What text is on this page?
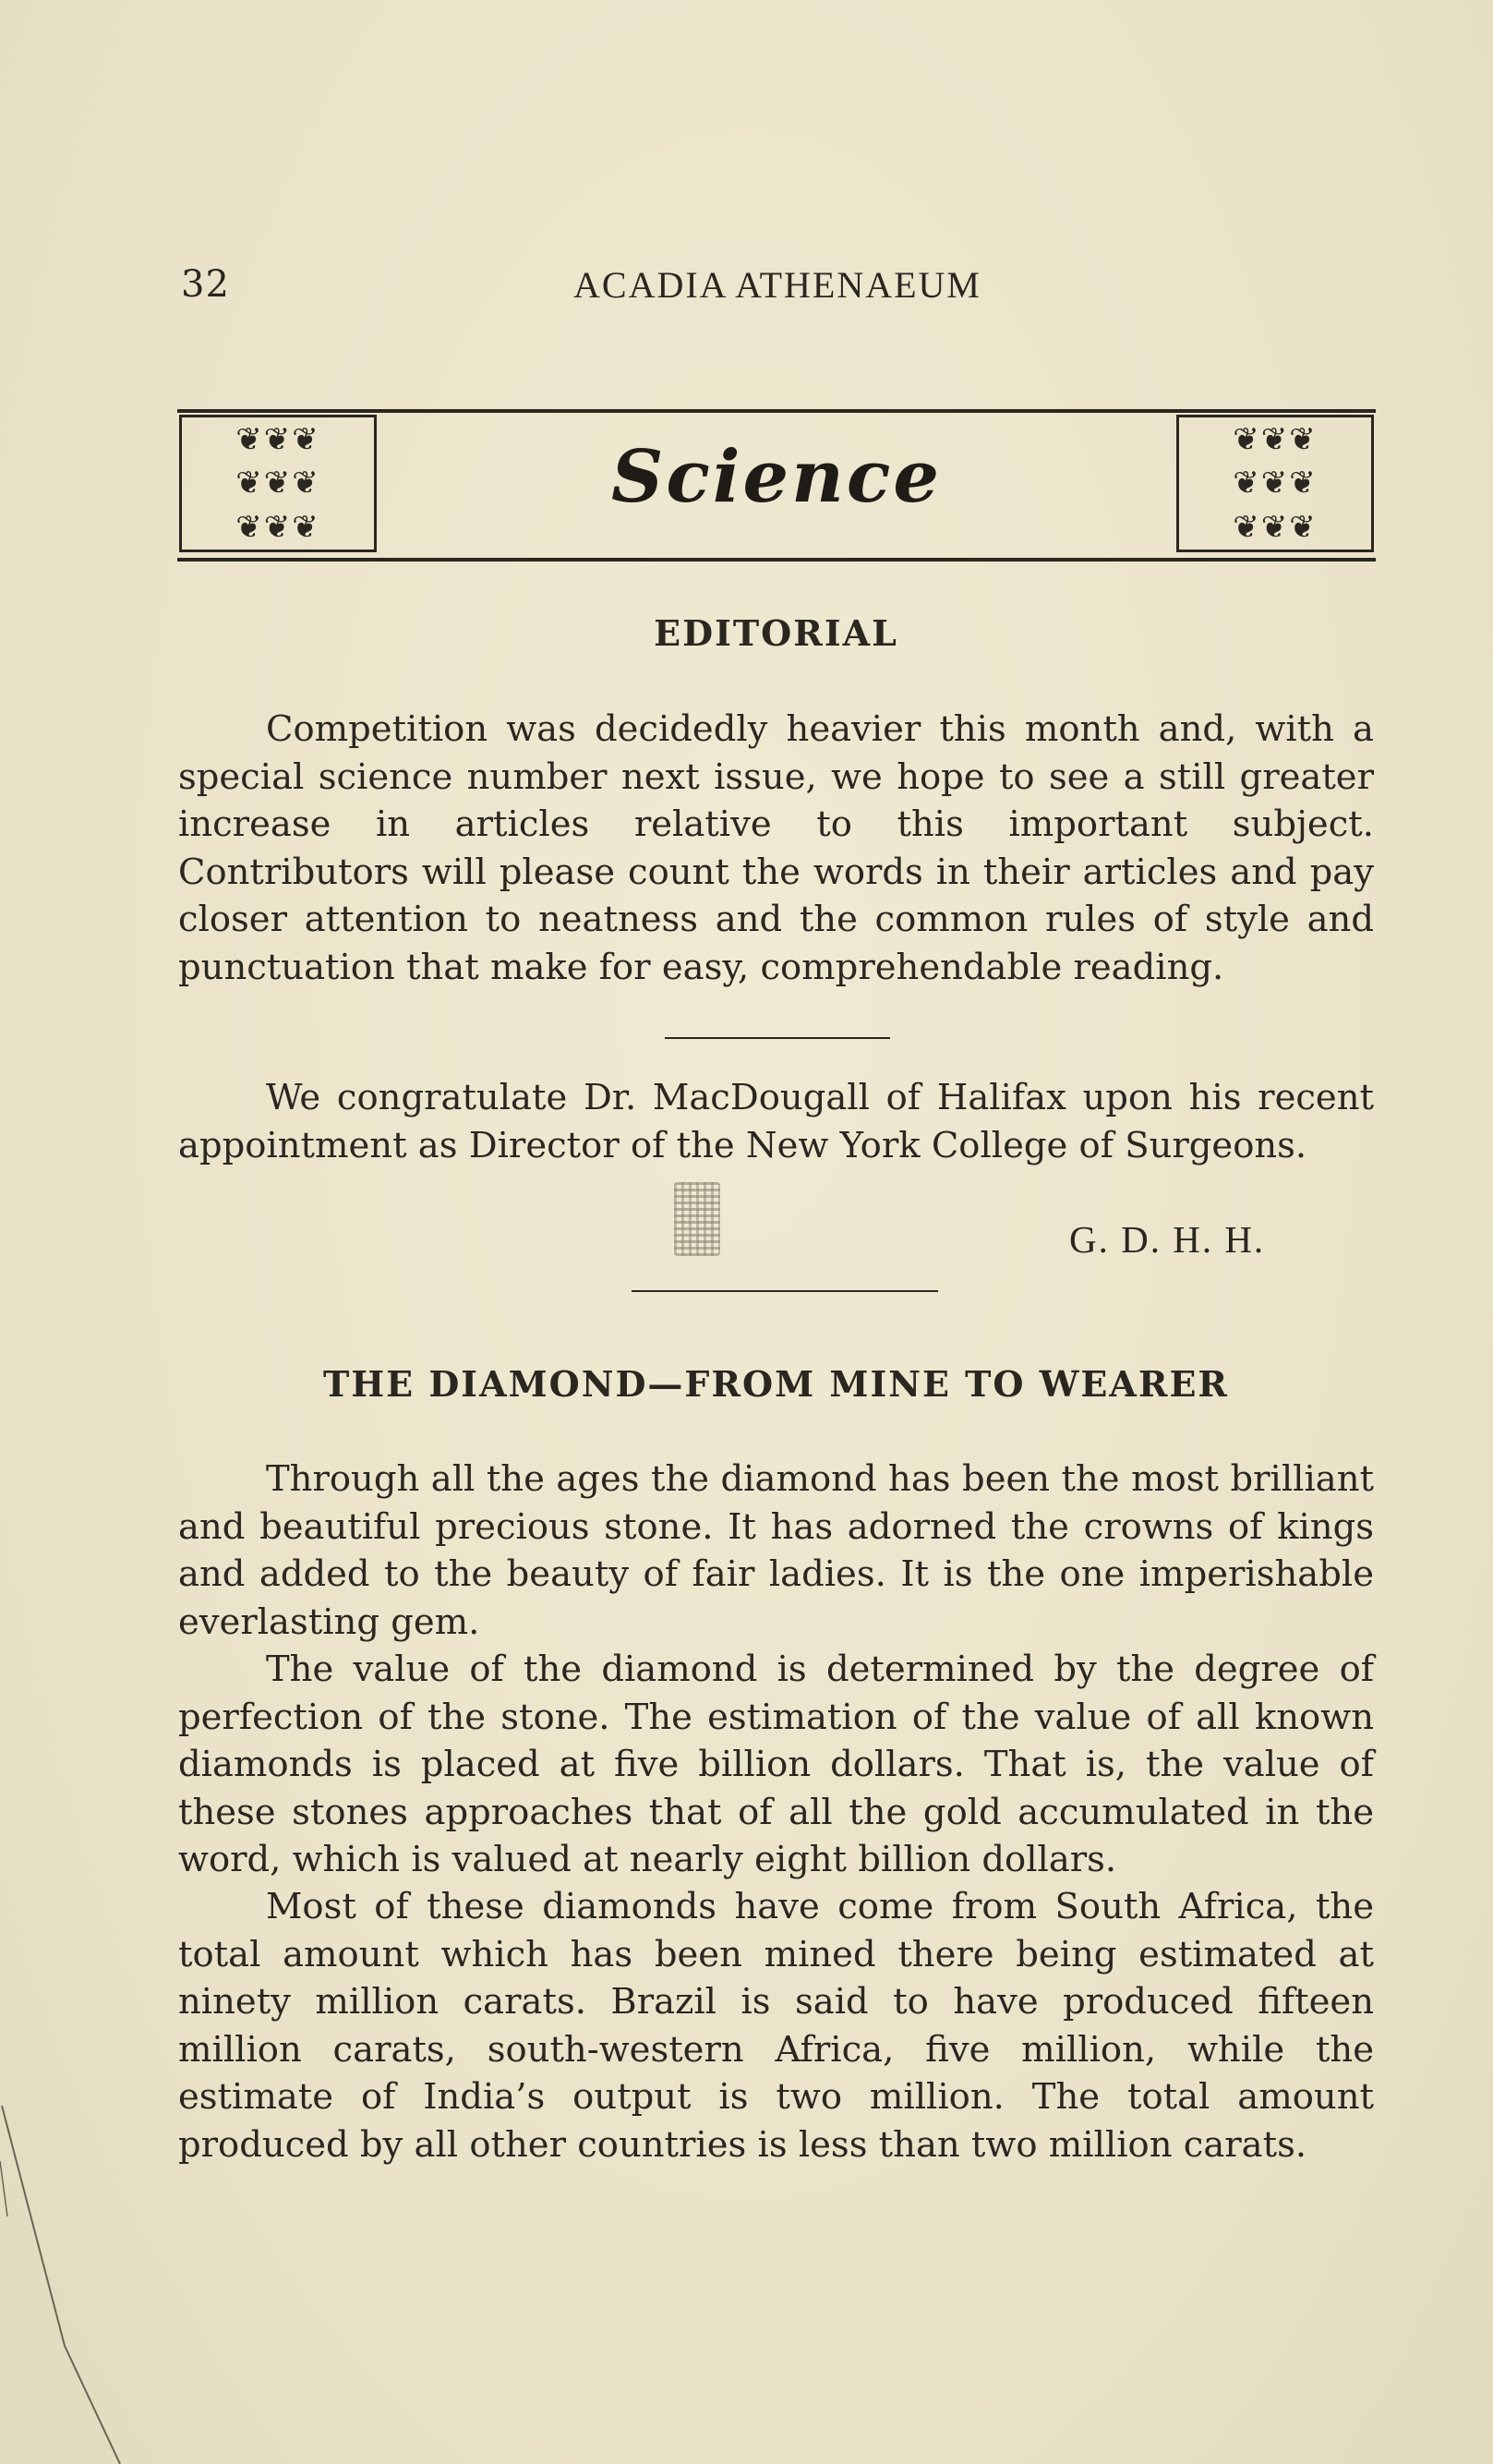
32	ACADIA ATHENAEUM
❦❦❦
❦❦❦
❦❦❦
Science	❦❦❦
❦❦❦
❦❦❦
EDITORIAL
Competition was decidedly heavier this month and, with a special science number next issue, we hope to see a still greater increase in articles relative to this important subject. Contributors will please count the words in their articles and pay closer attention to neatness and the common rules of style and punctuation that make for easy, comprehendable reading.
We congratulate Dr. MacDougall of Halifax upon his recent appointment as Director of the New York College of Surgeons.
G. D. H. H.
THE DIAMOND—FROM MINE TO WEARER
Through all the ages the diamond has been the most brilliant and beautiful precious stone. It has adorned the crowns of kings and added to the beauty of fair ladies. It is the one imperishable everlasting gem.
The value of the diamond is determined by the degree of perfection of the stone. The estimation of the value of all known diamonds is placed at five billion dollars. That is, the value of these stones approaches that of all the gold accumulated in the word, which is valued at nearly eight billion dollars.
Most of these diamonds have come from South Africa, the total amount which has been mined there being estimated at ninety million carats. Brazil is said to have produced fifteen million carats, south-western Africa, five million, while the estimate of India’s output is two million. The total amount produced by all other countries is less than two million carats.
